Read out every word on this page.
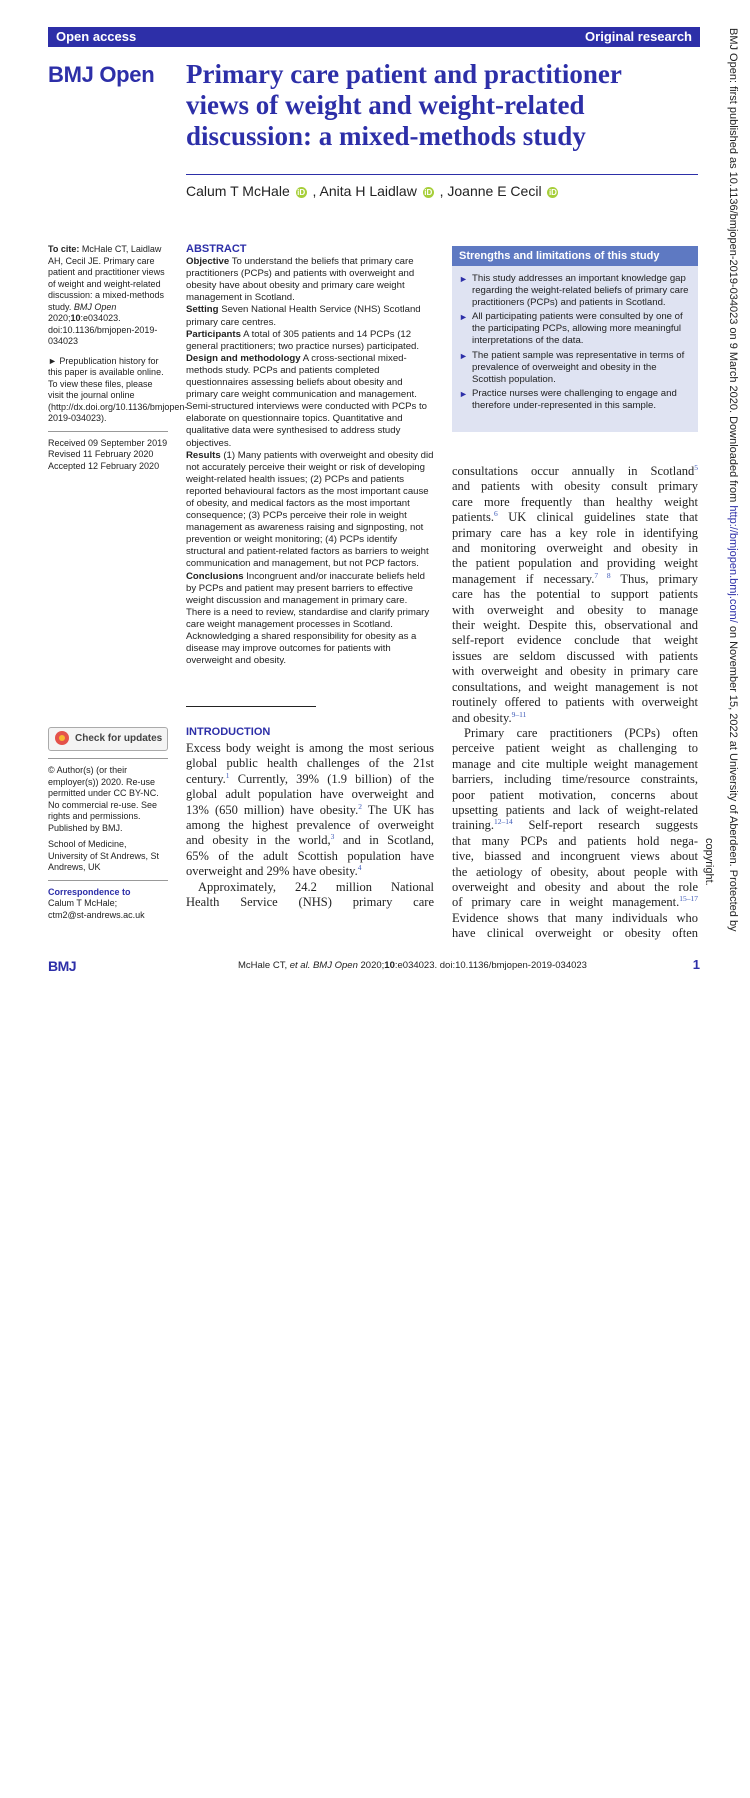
Open access	Original research
BMJ Open Primary care patient and practitioner
views of weight and weight-related
discussion: a mixed-methods study
Calum T McHale iD , Anita H Laidlaw iD , Joanne E Cecil iD
To cite: McHale CT, Laidlaw AH, Cecil JE. Primary care patient and practitioner views of weight and weight-related discussion: a mixed-methods study. BMJ Open 2020;10:e034023. doi:10.1136/bmjopen-2019-034023
► Prepublication history for this paper is available online. To view these files, please visit the journal online (http://dx.doi.org/10.1136/bmjopen-2019-034023).
Received 09 September 2019
Revised 11 February 2020
Accepted 12 February 2020
Check for updates
© Author(s) (or their employer(s)) 2020. Re-use permitted under CC BY-NC. No commercial re-use. See rights and permissions. Published by BMJ.
School of Medicine, University of St Andrews, St Andrews, UK
Correspondence to
Calum T McHale;
ctm2@st-andrews.ac.uk
ABSTRACT

Objective To understand the beliefs that primary care practitioners (PCPs) and patients with overweight and obesity have about obesity and primary care weight management in Scotland.

Setting Seven National Health Service (NHS) Scotland primary care centres.

Participants A total of 305 patients and 14 PCPs (12 general practitioners; two practice nurses) participated.

Design and methodology A cross-sectional mixed-methods study. PCPs and patients completed questionnaires assessing beliefs about obesity and primary care weight communication and management. Semi-structured interviews were conducted with PCPs to elaborate on questionnaire topics. Quantitative and qualitative data were synthesised to address study objectives.

Results (1) Many patients with overweight and obesity did not accurately perceive their weight or risk of developing weight-related health issues; (2) PCPs and patients reported behavioural factors as the most important cause of obesity, and medical factors as the most important consequence; (3) PCPs perceive their role in weight management as awareness raising and signposting, not prevention or weight monitoring; (4) PCPs identify structural and patient-related factors as barriers to weight communication and management, but not PCP factors.

Conclusions Incongruent and/or inaccurate beliefs held by PCPs and patient may present barriers to effective weight discussion and management in primary care. There is a need to review, standardise and clarify primary care weight management processes in Scotland. Acknowledging a shared responsibility for obesity as a disease may improve outcomes for patients with overweight and obesity.

Strengths and limitations of this study
► This study addresses an important knowledge gap regarding the weight-related beliefs of primary care practitioners (PCPs) and patients in Scotland.
► All participating patients were consulted by one of the participating PCPs, allowing more meaningful interpretations of the data.
► The patient sample was representative in terms of prevalence of overweight and obesity in the Scottish population.
► Practice nurses were challenging to engage and therefore under-represented in this sample.
INTRODUCTION
Excess body weight is among the most serious
global public health challenges of the 21st
century.$^1$ Currently, 39% (1.9 billion) of the
global adult population have overweight and
13% (650 million) have obesity.$^2$ The UK has
among the highest prevalence of overweight
and obesity in the world,$^3$ and in Scotland,
65% of the adult Scottish population have
overweight and 29% have obesity.$^4$
Approximately, 24.2 million National
Health Service (NHS) primary care
consultations occur annually in Scotland$^5$
and patients with obesity consult primary
care more frequently than healthy weight
patients.$^6$ UK clinical guidelines state that
primary care has a key role in identifying
and monitoring overweight and obesity in
the patient population and providing weight
management if necessary.$^{7 8}$ Thus, primary
care has the potential to support patients
with overweight and obesity to manage
their weight. Despite this, observational and
self-report evidence conclude that weight
issues are seldom discussed with patients
with overweight and obesity in primary care
consultations, and weight management is not
routinely offered to patients with overweight
and obesity.$^{9-11}$
Primary care practitioners (PCPs) often
perceive patient weight as challenging to
manage and cite multiple weight management
barriers, including time/resource constraints,
poor patient motivation, concerns about
upsetting patients and lack of weight-related
training.$^{12-14}$ Self-report research suggests
that many PCPs and patients hold nega-
tive, biassed and incongruent views about
the aetiology of obesity, about people with
overweight and obesity and about the role
of primary care in weight management.$^{15-17}$
Evidence shows that many individuals who
have clinical overweight or obesity often
BMJ Open: first published as 10.1136/bmjopen-2019-034023 on 9 March 2020. Downloaded from http://bmjopen.bmj.com/ on November 15, 2022 at University of Aberdeen. Protected by
copyright.
BMJ	McHale CT, et al. BMJ Open 2020;10:e034023. doi:10.1136/bmjopen-2019-034023	1
